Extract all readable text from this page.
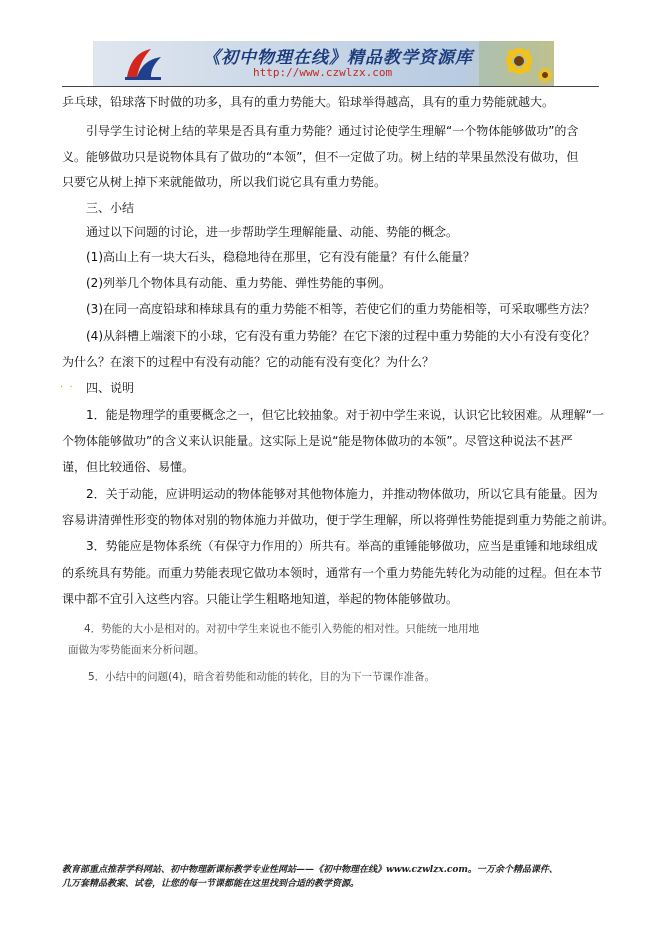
《初中物理在线》精品教学资源库
http://www.czwlzx.com
乒乓球，铅球落下时做的功多，具有的重力势能大。铅球举得越高，具有的重力势能就越大。
引导学生讨论树上结的苹果是否具有重力势能？通过讨论使学生理解“一个物体能够做功”的含
义。能够做功只是说物体具有了做功的“本领”，但不一定做了功。树上结的苹果虽然没有做功，但
只要它从树上掉下来就能做功，所以我们说它具有重力势能。
三、小结
通过以下问题的讨论，进一步帮助学生理解能量、动能、势能的概念。
(1)高山上有一块大石头，稳稳地待在那里，它有没有能量？有什么能量？
(2)列举几个物体具有动能、重力势能、弹性势能的事例。
(3)在同一高度铅球和棒球具有的重力势能不相等，若使它们的重力势能相等，可采取哪些方法？
(4)从斜槽上端滚下的小球，它有没有重力势能？在它下滚的过程中重力势能的大小有没有变化？
为什么？在滚下的过程中有没有动能？它的动能有没有变化？为什么？
·  · 四、说明
1．能是物理学的重要概念之一，但它比较抽象。对于初中学生来说，认识它比较困难。从理解“一
个物体能够做功”的含义来认识能量。这实际上是说“能是物体做功的本领”。尽管这种说法不甚严
谨，但比较通俗、易懂。
2．关于动能，应讲明运动的物体能够对其他物体施力，并推动物体做功，所以它具有能量。因为
容易讲清弹性形变的物体对别的物体施力并做功，便于学生理解，所以将弹性势能提到重力势能之前讲。
3．势能应是物体系统（有保守力作用的）所共有。举高的重锤能够做功，应当是重锤和地球组成
的系统具有势能。而重力势能表现它做功本领时，通常有一个重力势能先转化为动能的过程。但在本节
课中都不宜引入这些内容。只能让学生粗略地知道，举起的物体能够做功。
4．势能的大小是相对的。对初中学生来说也不能引入势能的相对性。只能统一地用地
面做为零势能面来分析问题。
5．小结中的问题(4)，暗含着势能和动能的转化，目的为下一节课作准备。
教育部重点推荐学科网站、初中物理新课标教学专业性网站——《初中物理在线》www.czwlzx.com。一万余个精品课件、
几万套精品教案、试卷，让您的每一节课都能在这里找到合适的教学资源。
